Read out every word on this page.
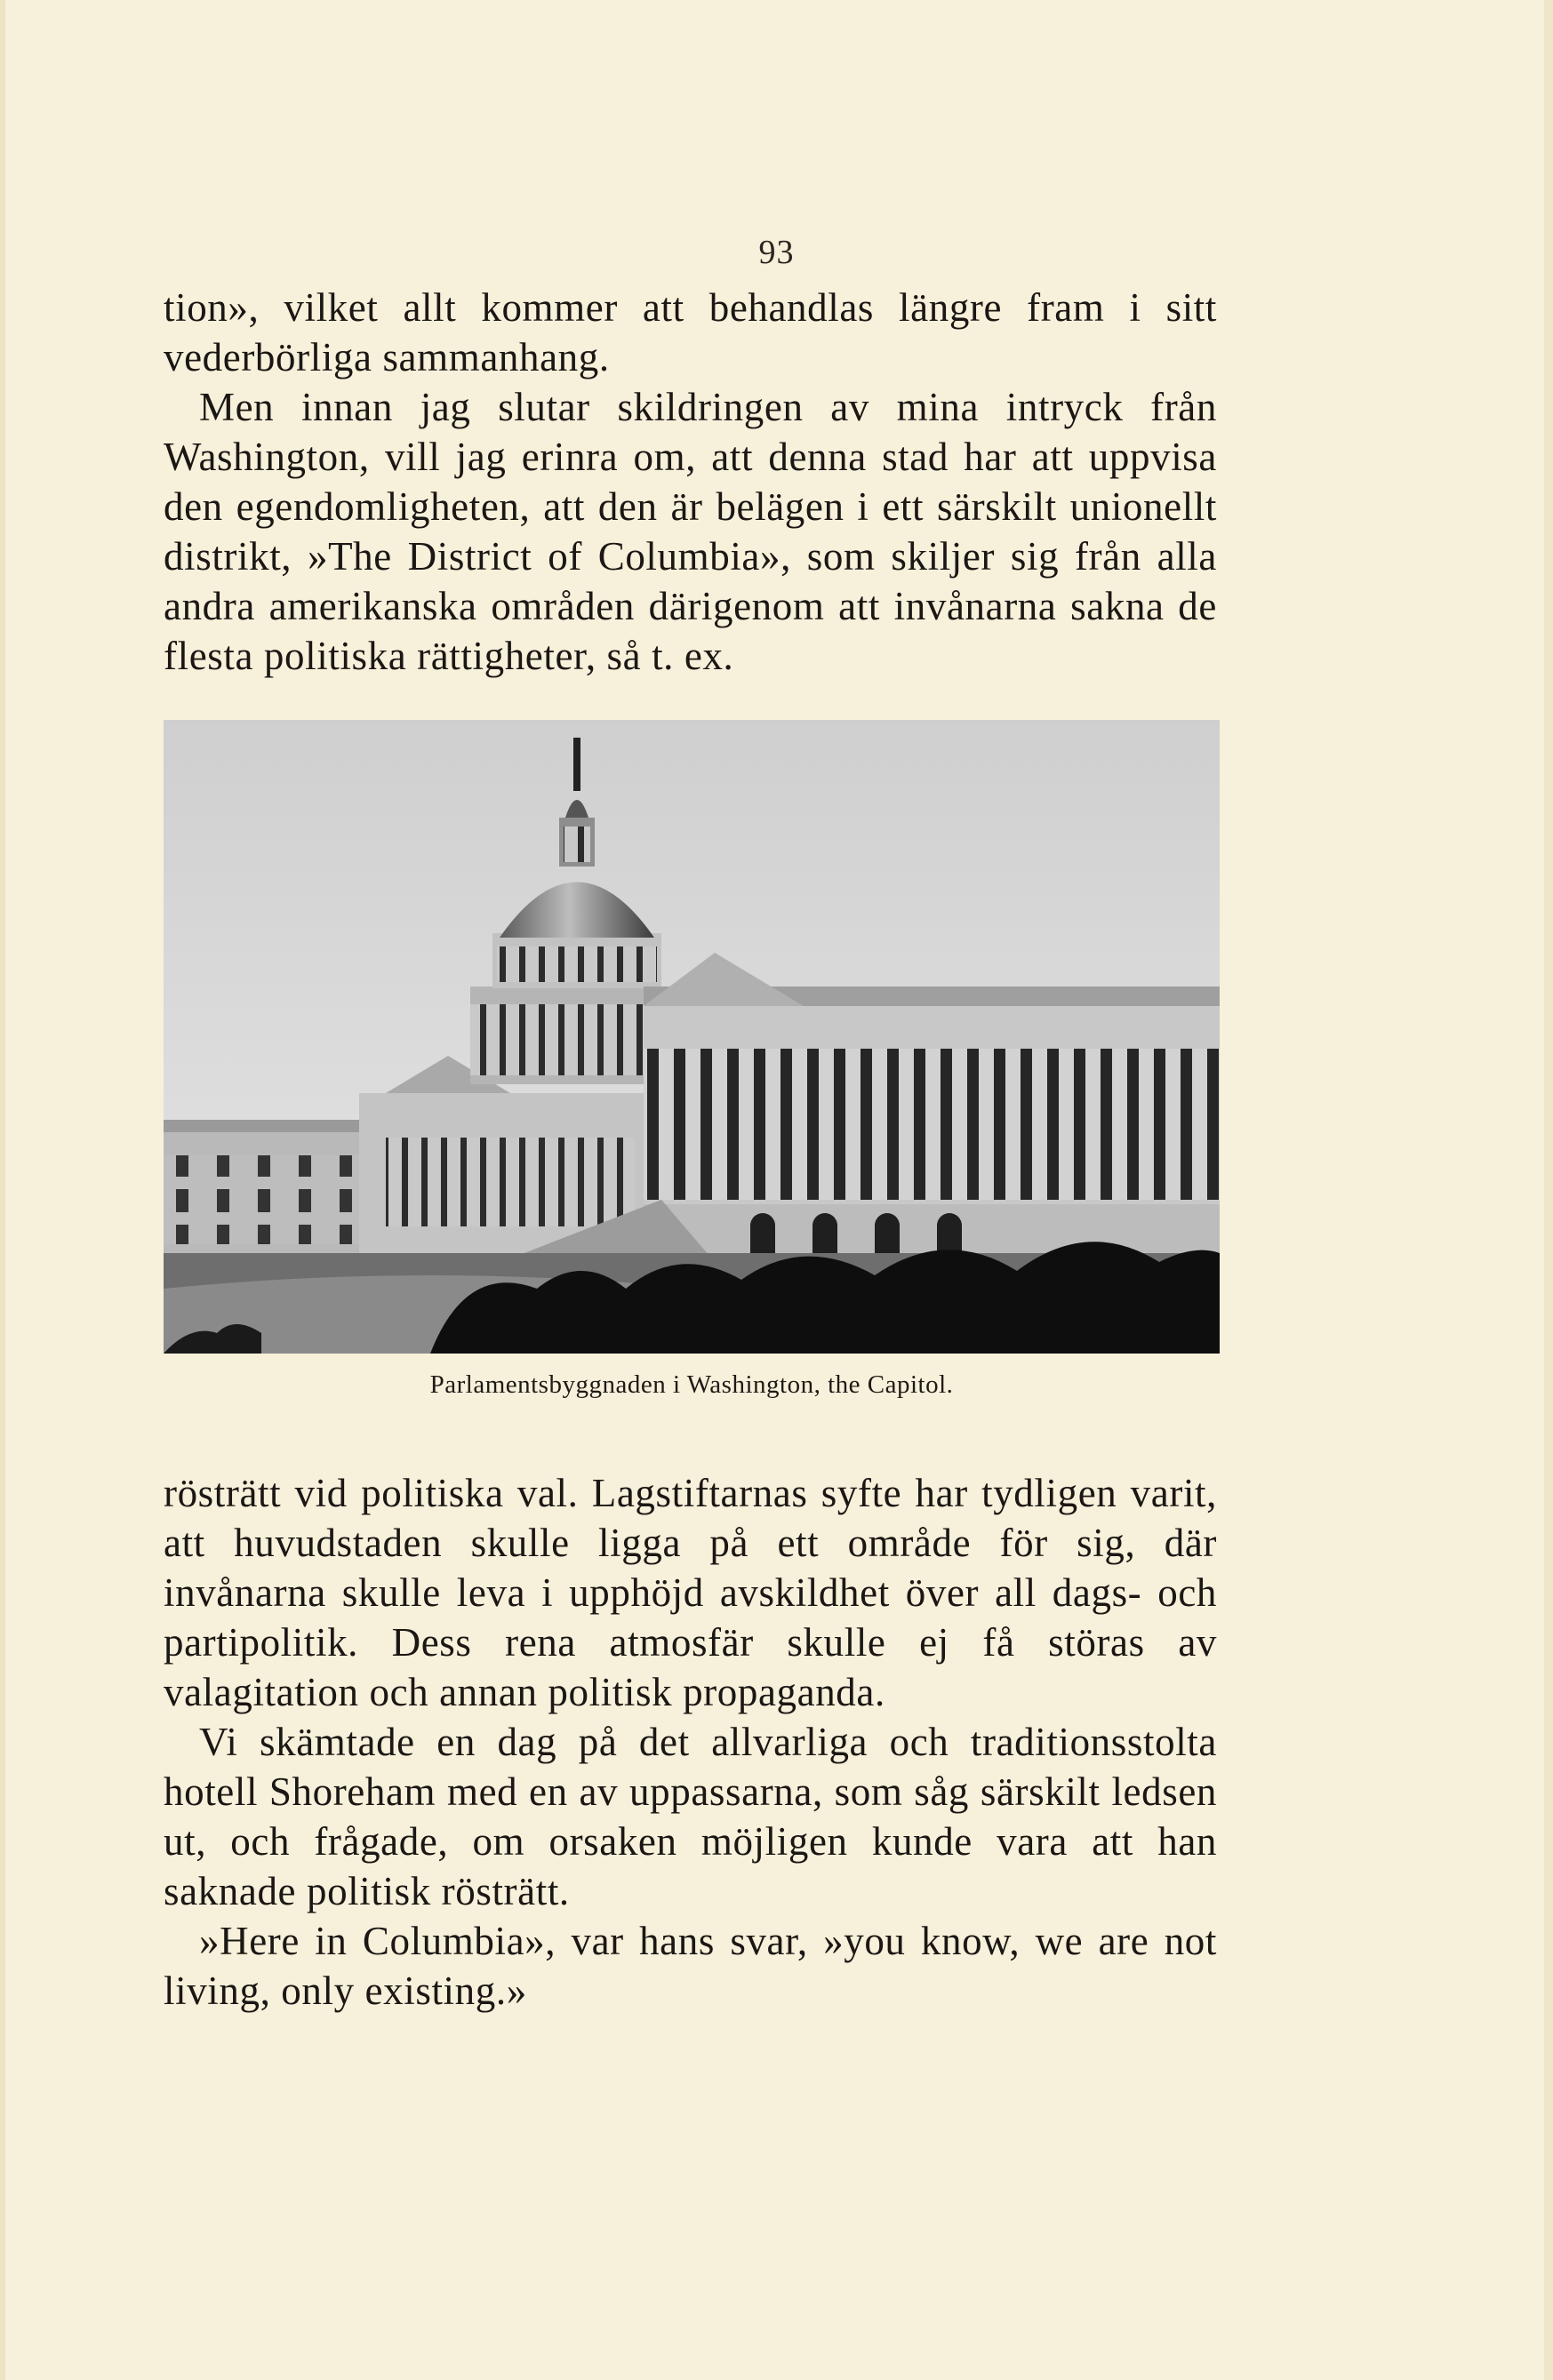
93

tion», vilket allt kommer att behandlas längre fram i sitt vederbörliga sammanhang.

Men innan jag slutar skildringen av mina intryck från Washington, vill jag erinra om, att denna stad har att uppvisa den egendomligheten, att den är belägen i ett särskilt unionellt distrikt, »The District of Columbia», som skiljer sig från alla andra amerikanska områden därigenom att invånarna sakna de flesta politiska rättigheter, så t. ex.

Parlamentsbyggnaden i Washington, the Capitol.

rösträtt vid politiska val. Lagstiftarnas syfte har tydligen varit, att huvudstaden skulle ligga på ett område för sig, där invånarna skulle leva i upphöjd avskildhet över all dags- och partipolitik. Dess rena atmosfär skulle ej få störas av valagitation och annan politisk propaganda.

Vi skämtade en dag på det allvarliga och traditionsstolta hotell Shoreham med en av uppassarna, som såg särskilt ledsen ut, och frågade, om orsaken möjligen kunde vara att han saknade politisk rösträtt.

»Here in Columbia», var hans svar, »you know, we are not living, only existing.»
